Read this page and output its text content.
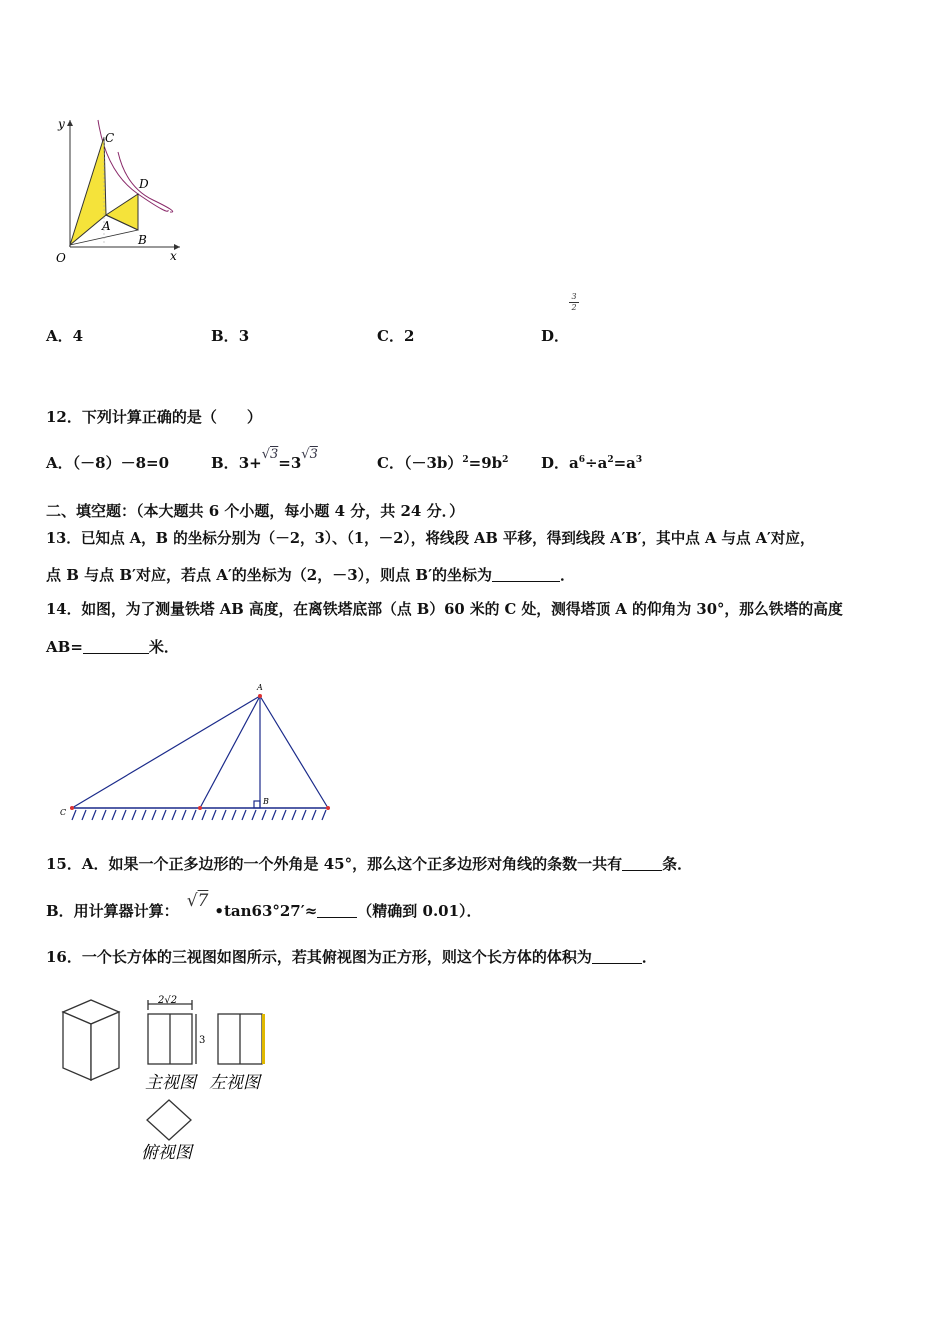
y
x
O
C
D
A
B
A．4	B．3	C．2	D．
$\frac{3}{2}$
12．下列计算正确的是（　　）
A．（－8）－8=0	B．3+√3=3√3	C．$(-3b)^2=9b^2$ D．$a^6\div a^2=a^3$
二、填空题：（本大题共 6 个小题，每小题 4 分，共 24 分．）
13．已知点 A，B 的坐标分别为（－2，3）、（1，－2），将线段 AB 平移，得到线段 A′B′，其中点 A 与点 A′对应，
点 B 与点 B′对应，若点 A′的坐标为（2，－3），则点 B′的坐标为	．
14．如图，为了测量铁塔 AB 高度，在离铁塔底部（点 B）60 米的 C 处，测得塔顶 A 的仰角为 30°，那么铁塔的高度
AB=	米．
A
B
C
15．A．如果一个正多边形的一个外角是 45°，那么这个正多边形对角线的条数一共有	条．
B．用计算器计算： √7 •tan63°27′≈	（精确到 0.01）．
16．一个长方体的三视图如图所示，若其俯视图为正方形，则这个长方体的体积为	．
2√2
3
主视图 左视图
俯视图
